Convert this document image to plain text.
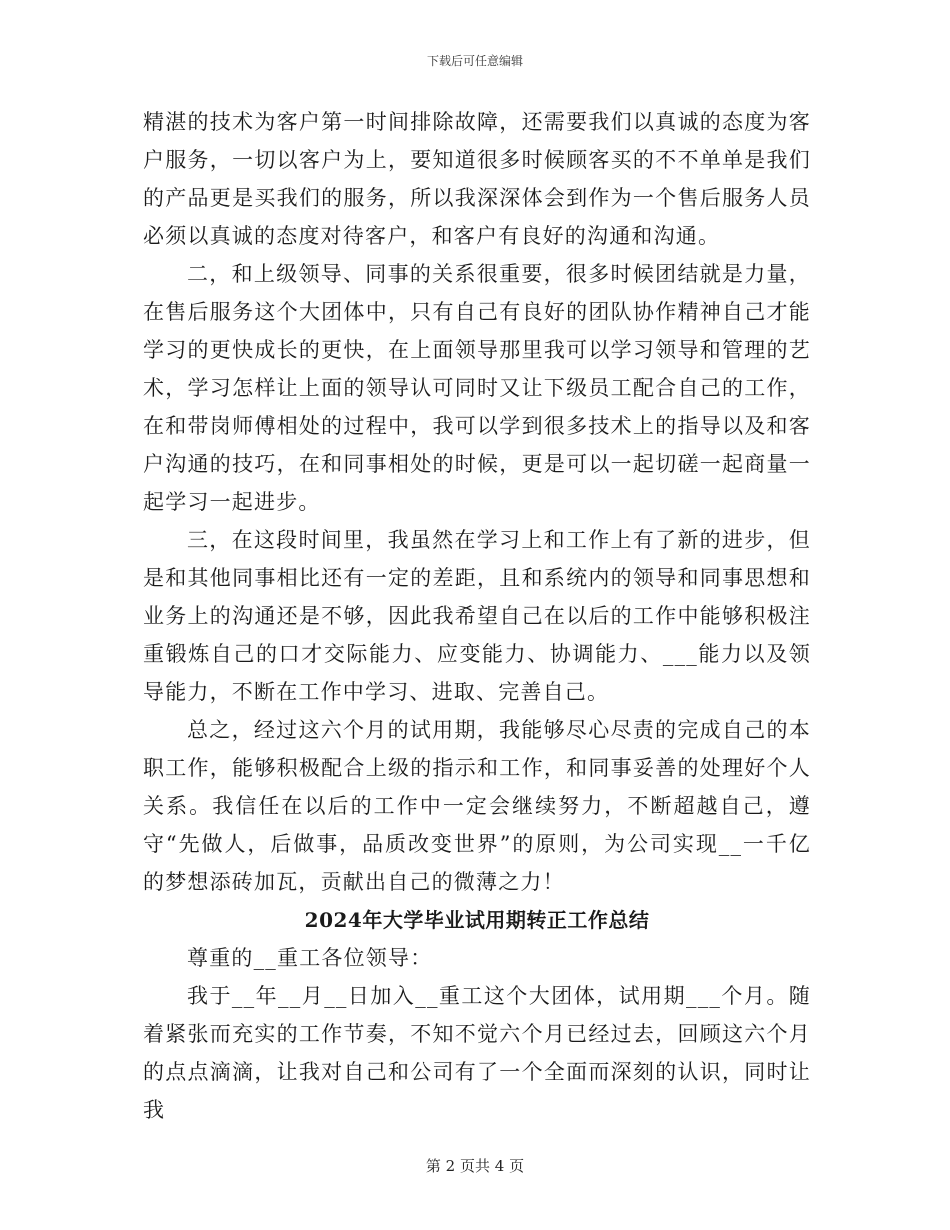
下载后可任意编辑

精湛的技术为客户第一时间排除故障，还需要我们以真诚的态度为客户服务，一切以客户为上，要知道很多时候顾客买的不不单单是我们的产品更是买我们的服务，所以我深深体会到作为一个售后服务人员必须以真诚的态度对待客户，和客户有良好的沟通和沟通。

二，和上级领导、同事的关系很重要，很多时候团结就是力量，在售后服务这个大团体中，只有自己有良好的团队协作精神自己才能学习的更快成长的更快，在上面领导那里我可以学习领导和管理的艺术，学习怎样让上面的领导认可同时又让下级员工配合自己的工作，在和带岗师傅相处的过程中，我可以学到很多技术上的指导以及和客户沟通的技巧，在和同事相处的时候，更是可以一起切磋一起商量一起学习一起进步。

三，在这段时间里，我虽然在学习上和工作上有了新的进步，但是和其他同事相比还有一定的差距，且和系统内的领导和同事思想和业务上的沟通还是不够，因此我希望自己在以后的工作中能够积极注重锻炼自己的口才交际能力、应变能力、协调能力、___能力以及领导能力，不断在工作中学习、进取、完善自己。

总之，经过这六个月的试用期，我能够尽心尽责的完成自己的本职工作，能够积极配合上级的指示和工作，和同事妥善的处理好个人关系。我信任在以后的工作中一定会继续努力，不断超越自己，遵守“先做人，后做事，品质改变世界”的原则，为公司实现__一千亿的梦想添砖加瓦，贡献出自己的微薄之力！

2024年大学毕业试用期转正工作总结

尊重的__重工各位领导：

我于__年__月__日加入__重工这个大团体，试用期___个月。随着紧张而充实的工作节奏，不知不觉六个月已经过去，回顾这六个月的点点滴滴，让我对自己和公司有了一个全面而深刻的认识，同时让我

第 2 页共 4 页
